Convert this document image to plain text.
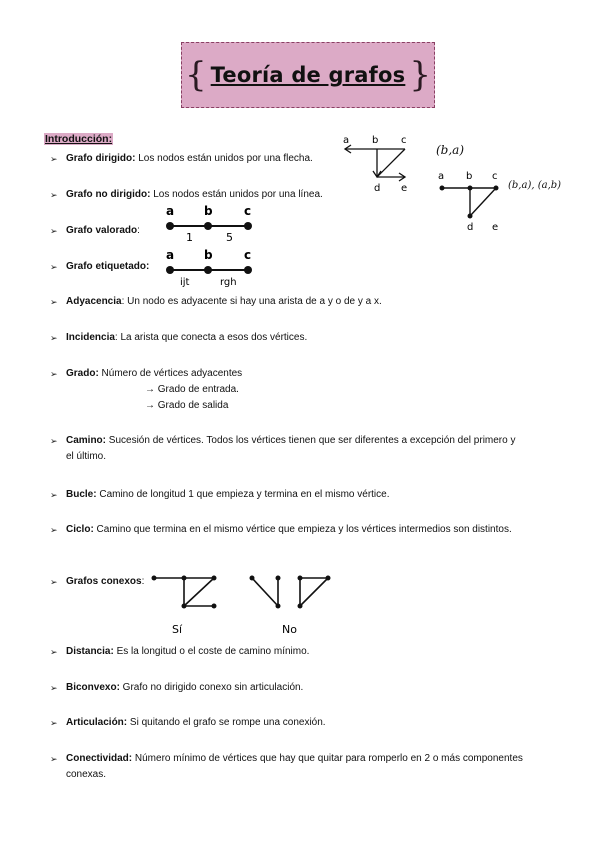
{ Teoría de grafos }
Introducción:
➢ Grafo dirigido: Los nodos están unidos por una flecha.
➢ Grafo no dirigido: Los nodos están unidos por una línea.
➢ Grafo valorado:
➢ Grafo etiquetado:
➢ Adyacencia: Un nodo es adyacente si hay una arista de a y o de y a x.
➢ Incidencia: La arista que conecta a esos dos vértices.
➢ Grado: Número de vértices adyacentes
→ Grado de entrada.
→ Grado de salida
➢ Camino: Sucesión de vértices. Todos los vértices tienen que ser diferentes a excepción del primero y el último.
➢ Bucle: Camino de longitud 1 que empieza y termina en el mismo vértice.
➢ Ciclo: Camino que termina en el mismo vértice que empieza y los vértices intermedios son distintos.
➢ Grafos conexos:
➢ Distancia: Es la longitud o el coste de camino mínimo.
➢ Biconvexo: Grafo no dirigido conexo sin articulación.
➢ Articulación: Si quitando el grafo se rompe una conexión.
➢ Conectividad: Número mínimo de vértices que hay que quitar para romperlo en 2 o más componentes conexas.
a b c
d e
(b,a)
a b c
d e
(b,a), (a,b)
a b	c
1	5
a b	c
ijt	rgh
Sí	No
